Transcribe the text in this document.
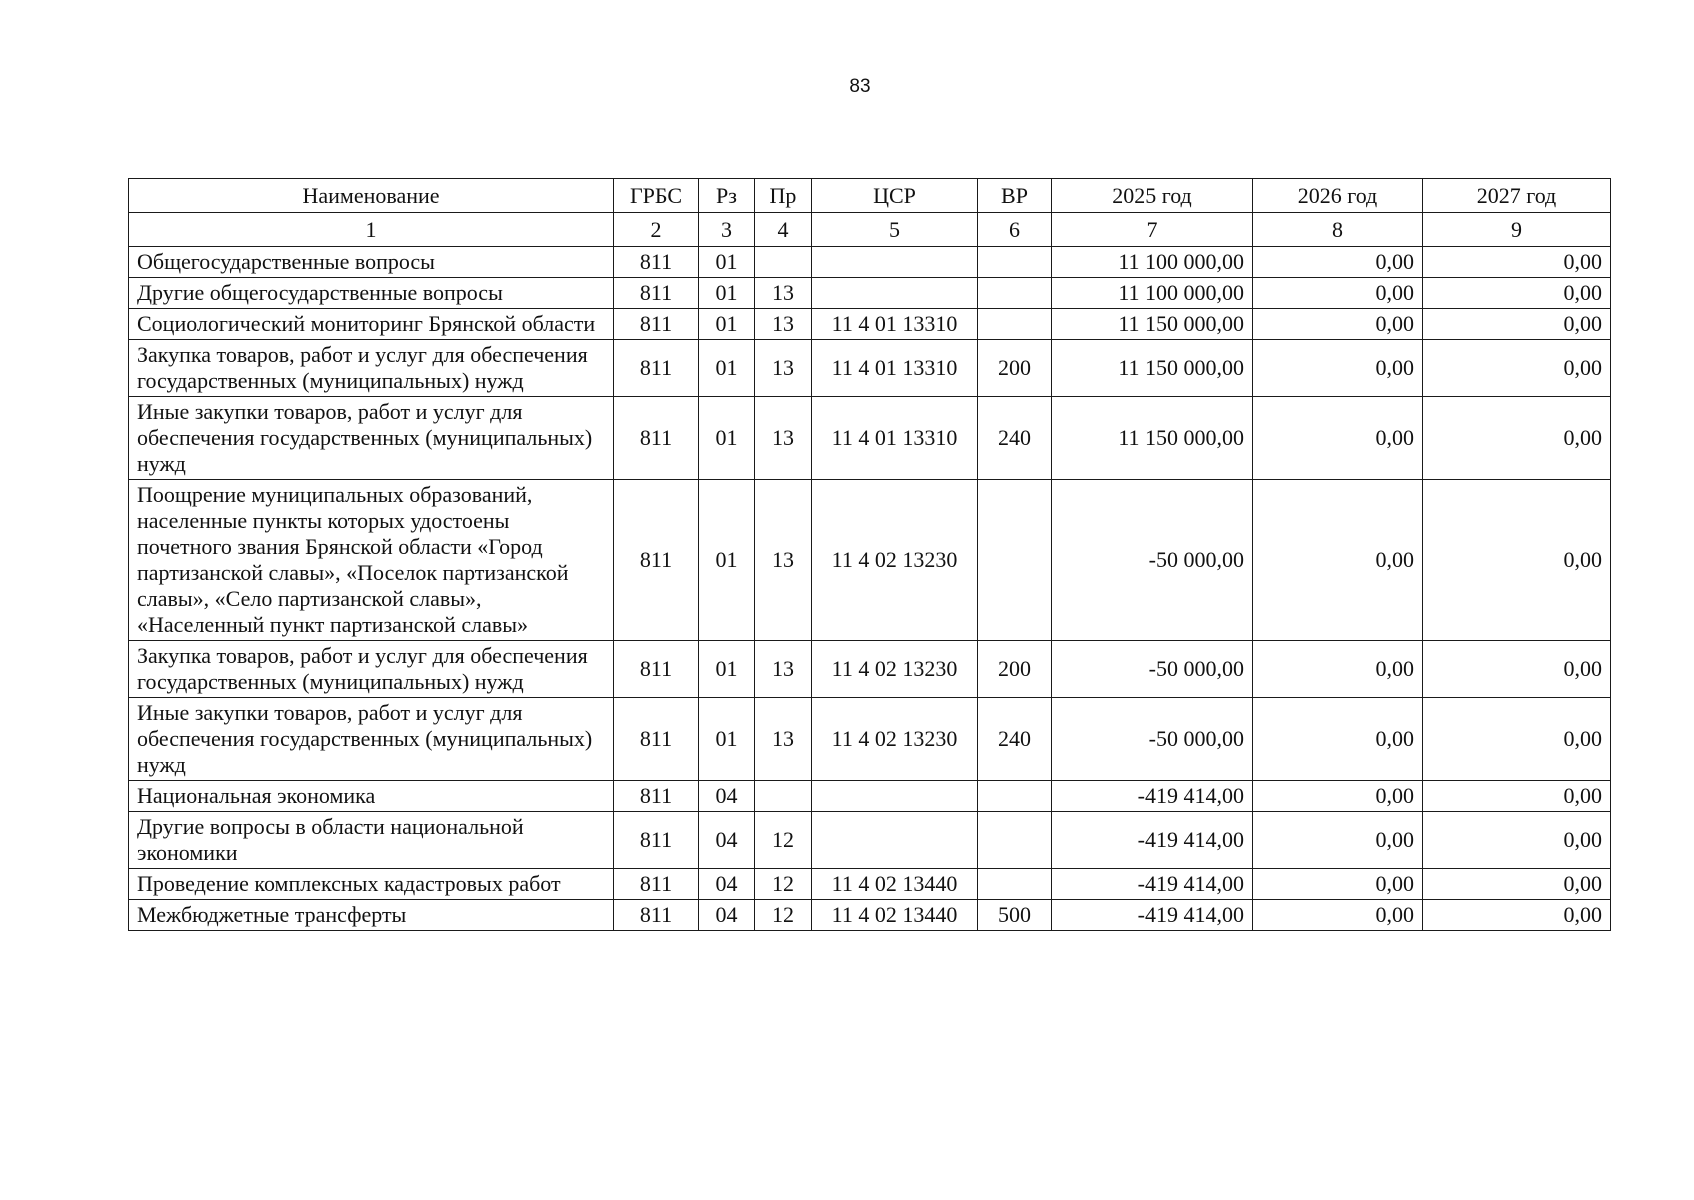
83
Наименование	ГРБС	Рз	Пр	ЦСР	ВР	2025 год	2026 год	2027 год
1	2	3	4	5	6	7	8	9
Общегосударственные вопросы	811	01				11 100 000,00	0,00	0,00
Другие общегосударственные вопросы	811	01	13			11 100 000,00	0,00	0,00
Социологический мониторинг Брянской области	811	01	13	11 4 01 13310		11 150 000,00	0,00	0,00
Закупка товаров, работ и услуг для обеспечения государственных (муниципальных) нужд	811	01	13	11 4 01 13310	200	11 150 000,00	0,00	0,00
Иные закупки товаров, работ и услуг для обеспечения государственных (муниципальных) нужд	811	01	13	11 4 01 13310	240	11 150 000,00	0,00	0,00
Поощрение муниципальных образований, населенные пункты которых удостоены почетного звания Брянской области «Город партизанской славы», «Поселок партизанской славы», «Село партизанской славы», «Населенный пункт партизанской славы»	811	01	13	11 4 02 13230		-50 000,00	0,00	0,00
Закупка товаров, работ и услуг для обеспечения государственных (муниципальных) нужд	811	01	13	11 4 02 13230	200	-50 000,00	0,00	0,00
Иные закупки товаров, работ и услуг для обеспечения государственных (муниципальных) нужд	811	01	13	11 4 02 13230	240	-50 000,00	0,00	0,00
Национальная экономика	811	04				-419 414,00	0,00	0,00
Другие вопросы в области национальной экономики	811	04	12			-419 414,00	0,00	0,00
Проведение комплексных кадастровых работ	811	04	12	11 4 02 13440		-419 414,00	0,00	0,00
Межбюджетные трансферты	811	04	12	11 4 02 13440	500	-419 414,00	0,00	0,00
